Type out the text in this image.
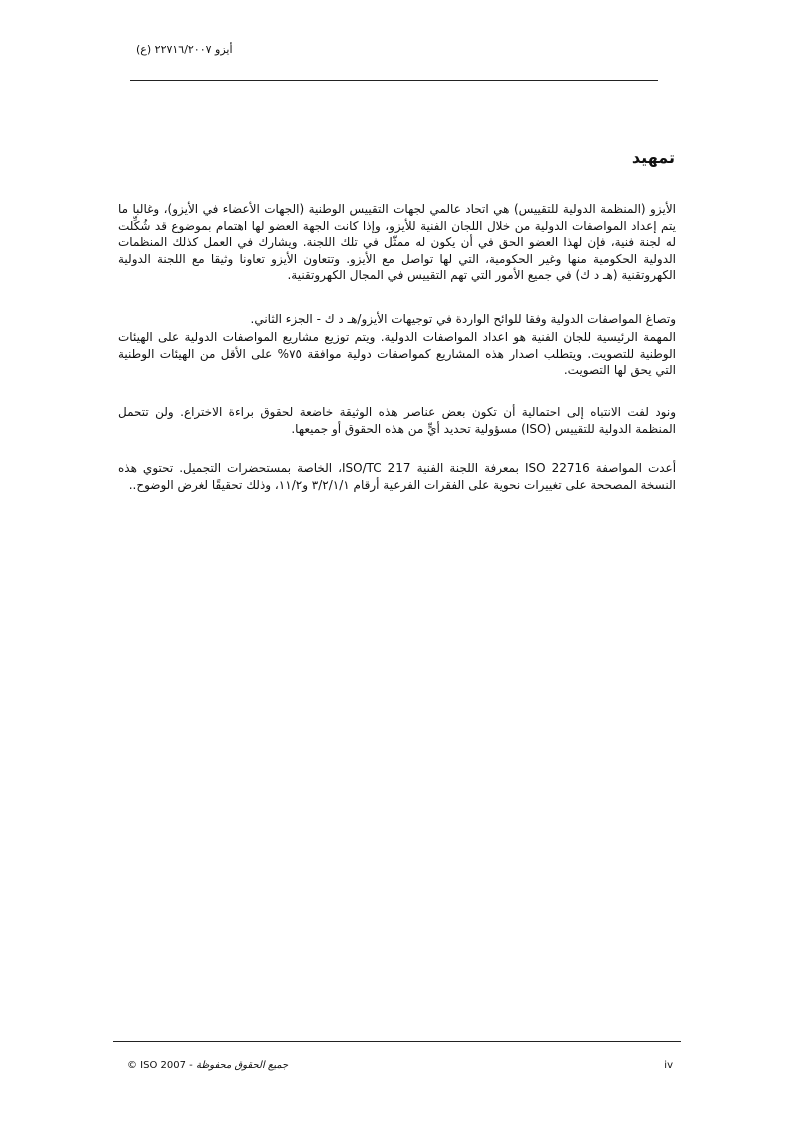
أيزو ٢٢٧١٦/٢٠٠٧ (ع)
تمهيد
الأيزو (المنظمة الدولية للتقييس) هي اتحاد عالمي لجهات التقييس الوطنية (الجهات الأعضاء في الأيزو)، وغالبا ما يتم إعداد المواصفات الدولية من خلال اللجان الفنية للأيزو، وإذا كانت الجهة العضو لها اهتمام بموضوع قد شُكِّلت له لجنة فنية، فإن لهذا العضو الحق في أن يكون له ممثّل في تلك اللجنة. ويشارك في العمل كذلك المنظمات الدولية الحكومية منها وغير الحكومية، التي لها تواصل مع الأيزو. وتتعاون الأيزو تعاونا وثيقا مع اللجنة الدولية الكهروتقنية (هـ د ك) في جميع الأمور التي تهم التقييس في المجال الكهروتقنية.
وتصاغ المواصفات الدولية وفقا للوائح الواردة في توجيهات الأيزو/هـ د ك - الجزء الثاني.
المهمة الرئيسية للجان الفنية هو اعداد المواصفات الدولية. ويتم توزيع مشاريع المواصفات الدولية على الهيئات الوطنية للتصويت. ويتطلب اصدار هذه المشاريع كمواصفات دولية موافقة ٧٥% على الأقل من الهيئات الوطنية التي يحق لها التصويت.
ونود لفت الانتباه إلى احتمالية أن تكون بعض عناصر هذه الوثيقة خاضعة لحقوق براءة الاختراع. ولن تتحمل المنظمة الدولية للتقييس (ISO) مسؤولية تحديد أيٍّ من هذه الحقوق أو جميعها.
أعدت المواصفة ISO 22716 بمعرفة اللجنة الفنية ISO/TC 217، الخاصة بمستحضرات التجميل. تحتوي هذه النسخة المصححة على تغييرات نحوية على الفقرات الفرعية أرقام ٣/٢/١/١ و١١/٢، وذلك تحقيقًا لغرض الوضوح..
© ISO 2007 - جميع الحقوق محفوظة	iv
